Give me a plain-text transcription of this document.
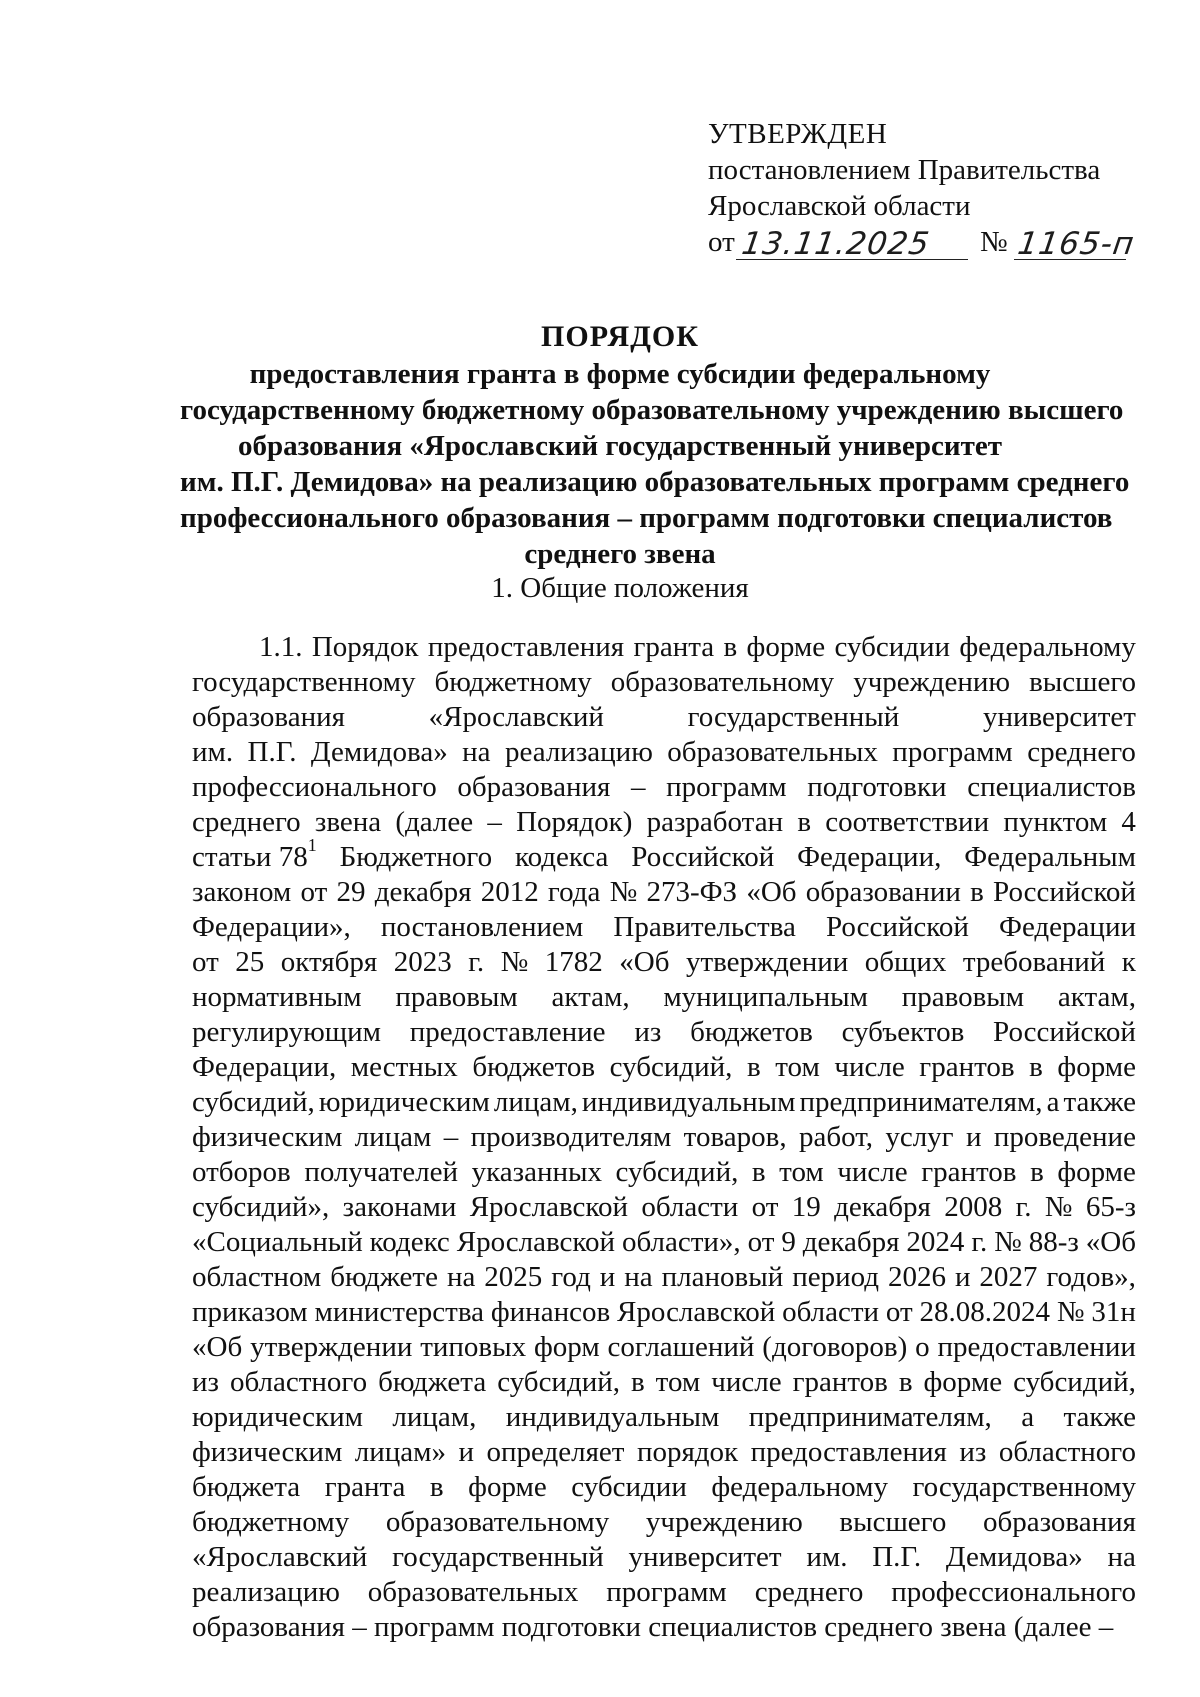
УТВЕРЖДЕН
постановлением Правительства
Ярославской области
от 13.11.2025 № 1165-п
ПОРЯДОК
предоставления гранта в форме субсидии федеральному
государственному бюджетному образовательному учреждению высшего
образования «Ярославский государственный университет
им. П.Г. Демидова» на реализацию образовательных программ среднего
профессионального образования – программ подготовки специалистов
среднего звена
1. Общие положения
1.1. Порядок предоставления гранта в форме субсидии федеральному
государственному бюджетному образовательному учреждению высшего
образования	«Ярославский	государственный	университет
им. П.Г. Демидова» на реализацию образовательных программ среднего
профессионального образования – программ подготовки специалистов
среднего звена (далее – Порядок) разработан в соответствии пунктом 4
статьи $78^1$ Бюджетного кодекса Российской Федерации, Федеральным
законом от 29 декабря 2012 года № 273-ФЗ «Об образовании в Российской
Федерации», постановлением Правительства Российской Федерации
от 25 октября 2023 г. № 1782 «Об утверждении общих требований к
нормативным правовым актам, муниципальным правовым актам,
регулирующим предоставление из бюджетов субъектов Российской
Федерации, местных бюджетов субсидий, в том числе грантов в форме
субсидий, юридическим лицам, индивидуальным предпринимателям, а также
физическим лицам – производителям товаров, работ, услуг и проведение
отборов получателей указанных субсидий, в том числе грантов в форме
субсидий», законами Ярославской области от 19 декабря 2008 г. № 65-з
«Социальный кодекс Ярославской области», от 9 декабря 2024 г. № 88-з «Об
областном бюджете на 2025 год и на плановый период 2026 и 2027 годов»,
приказом министерства финансов Ярославской области от 28.08.2024 № 31н
«Об утверждении типовых форм соглашений (договоров) о предоставлении
из областного бюджета субсидий, в том числе грантов в форме субсидий,
юридическим лицам, индивидуальным предпринимателям, а также
физическим лицам» и определяет порядок предоставления из областного
бюджета гранта в форме субсидии федеральному государственному
бюджетному образовательному учреждению высшего образования
«Ярославский государственный университет им. П.Г. Демидова» на
реализацию образовательных программ среднего профессионального
образования – программ подготовки специалистов среднего звена (далее –
